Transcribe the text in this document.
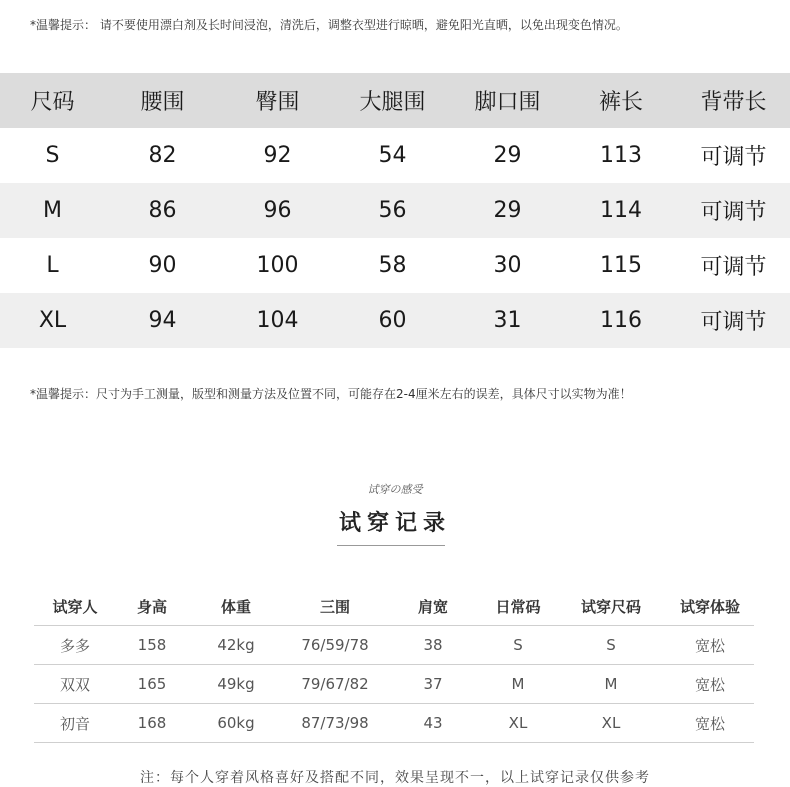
*温馨提示： 请不要使用漂白剂及长时间浸泡，清洗后，调整衣型进行晾晒，避免阳光直晒，以免出现变色情况。
尺码	腰围	臀围	大腿围	脚口围	裤长	背带长
S	82	92	54	29	113	可调节
M	86	96	56	29	114	可调节
L	90	100	58	30	115	可调节
XL	94	104	60	31	116	可调节
*温馨提示：尺寸为手工测量，版型和测量方法及位置不同，可能存在2-4厘米左右的误差，具体尺寸以实物为准！
试穿の感受
试穿记录
试穿人	身高	体重	三围	肩宽	日常码	试穿尺码	试穿体验
多多	158	42kg	76/59/78	38	S	S	宽松
双双	165	49kg	79/67/82	37	M	M	宽松
初音	168	60kg	87/73/98	43	XL	XL	宽松
注：每个人穿着风格喜好及搭配不同，效果呈现不一，以上试穿记录仅供参考
